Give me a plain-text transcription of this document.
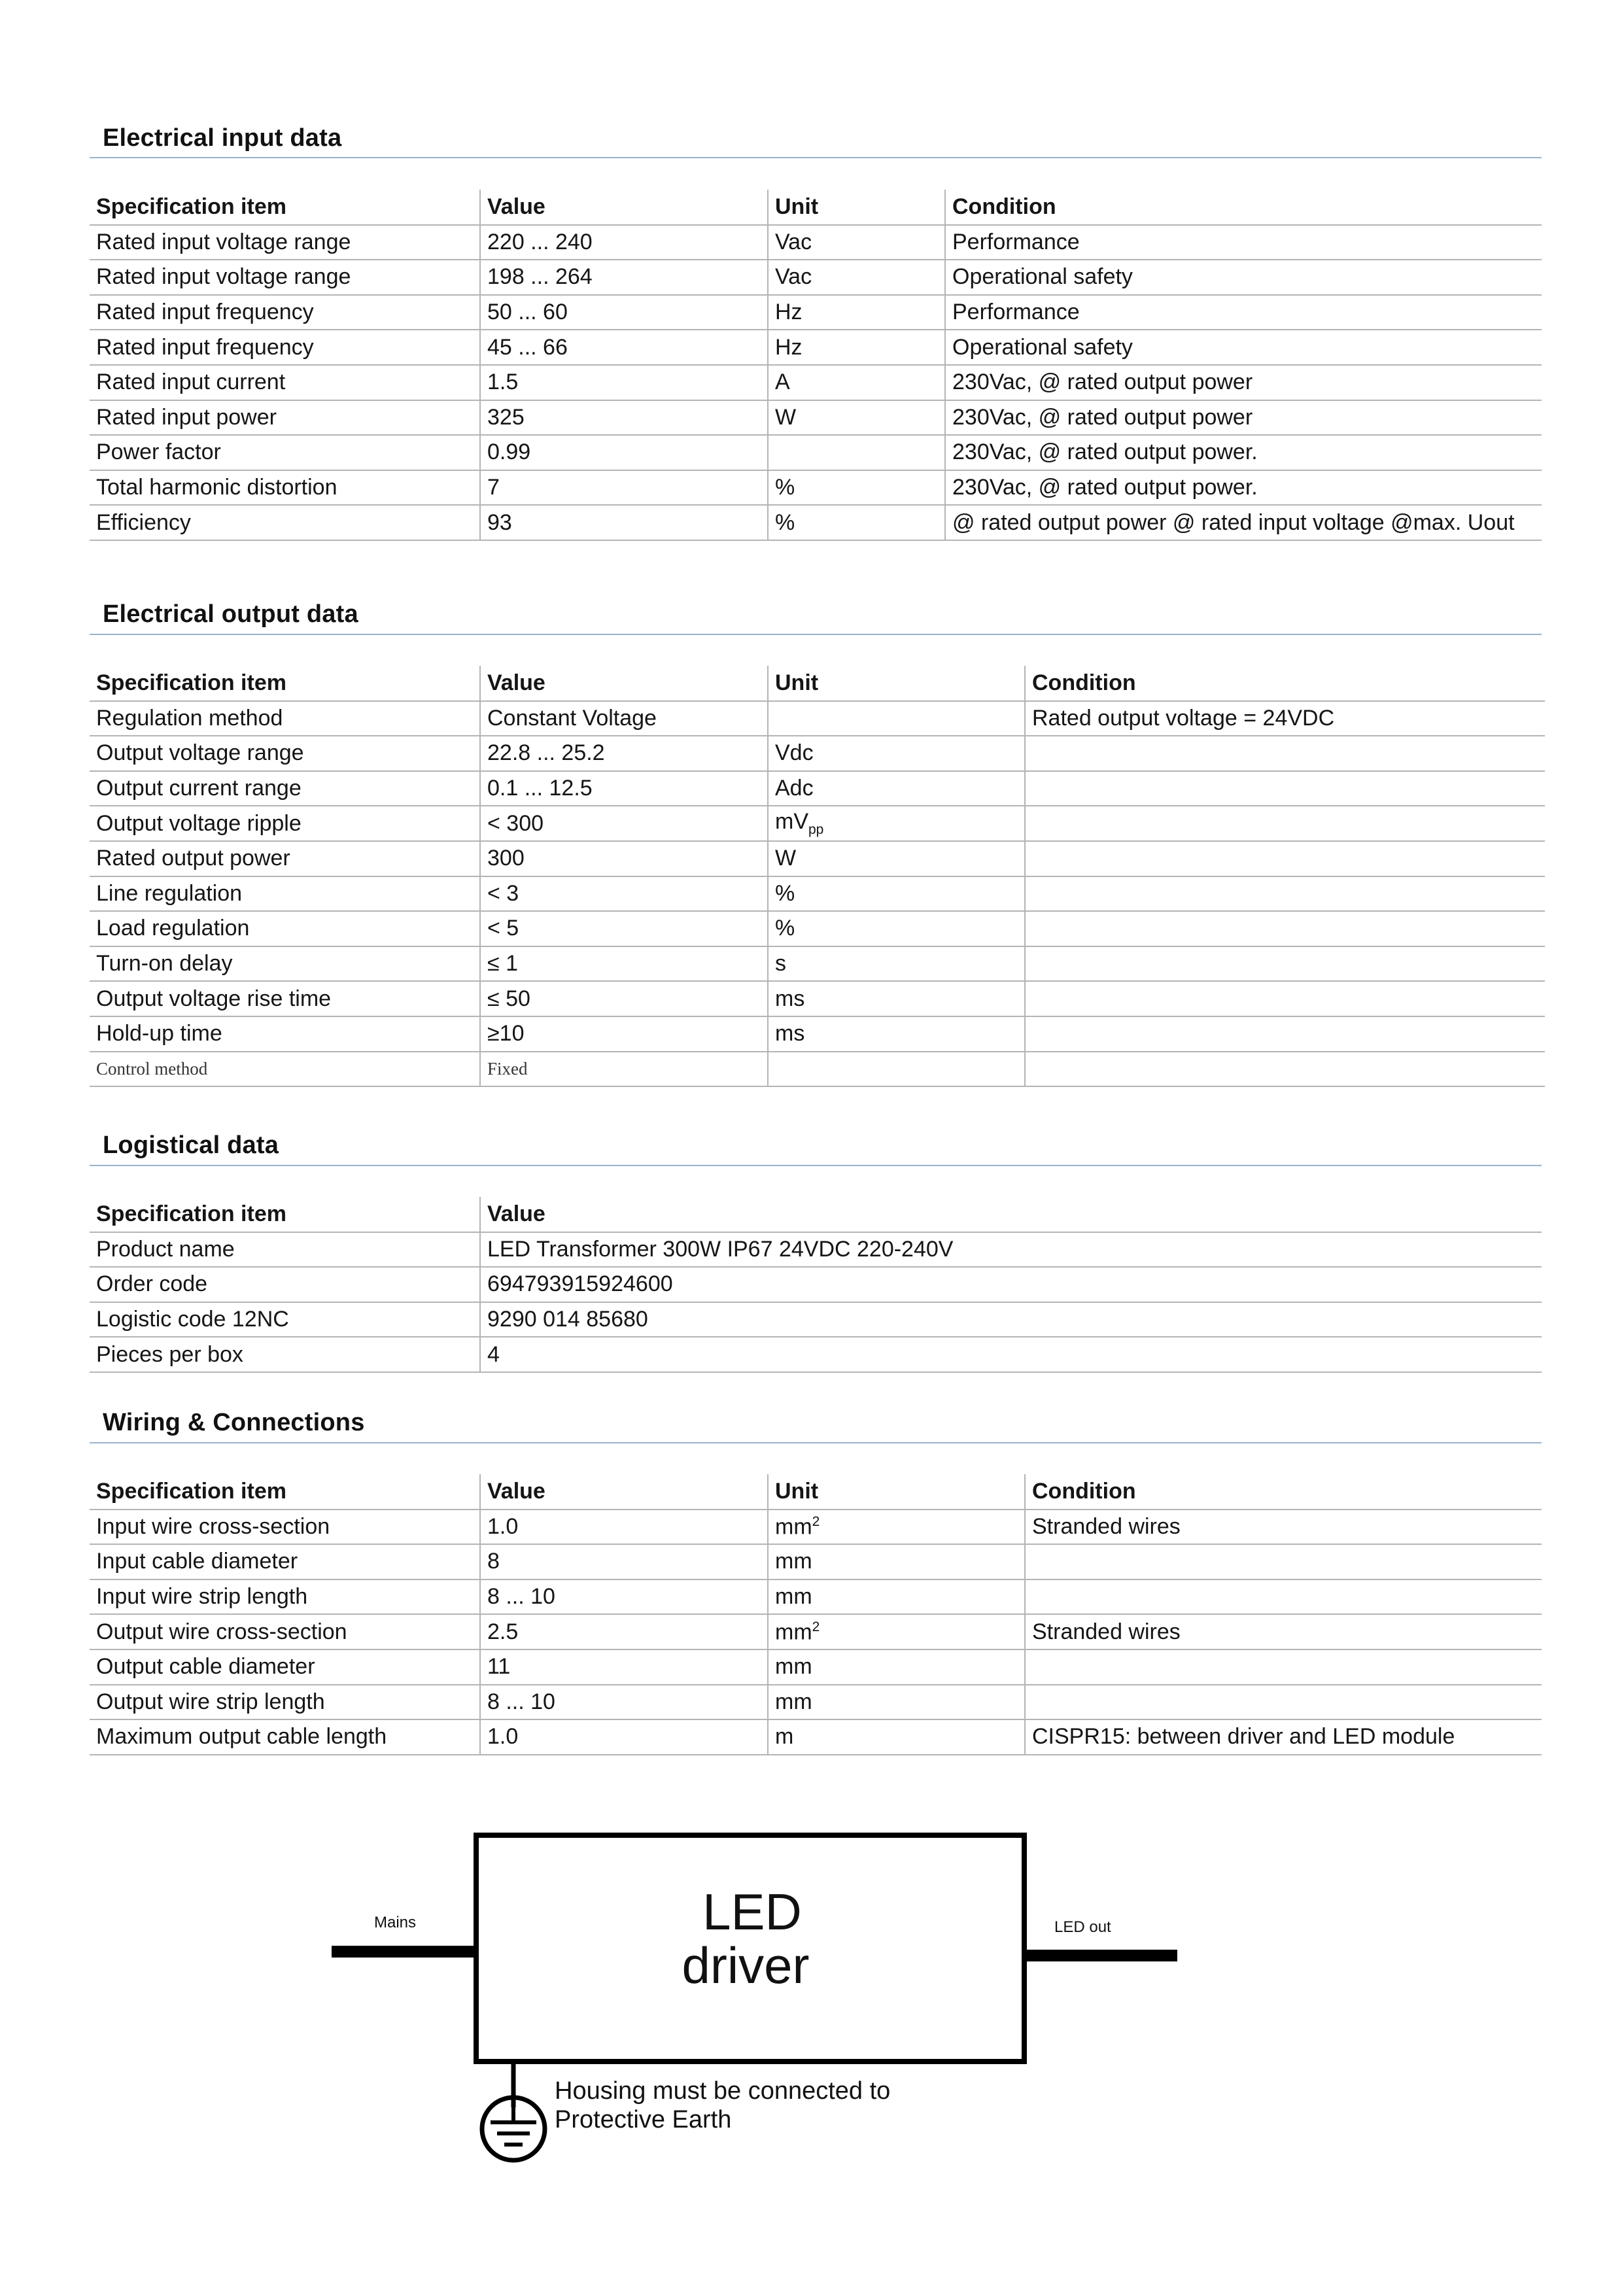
Electrical input data
Specification item	Value	Unit	Condition
Rated input voltage range	220 ... 240	Vac	Performance
Rated input voltage range	198 ... 264	Vac	Operational safety
Rated input frequency	50 ... 60	Hz	Performance
Rated input frequency	45 ... 66	Hz	Operational safety
Rated input current	1.5	A	230Vac, @ rated output power
Rated input power	325	W	230Vac, @ rated output power
Power factor	0.99		230Vac, @ rated output power.
Total harmonic distortion	7	%	230Vac, @ rated output power.
Efficiency	93	%	@ rated output power @ rated input voltage @max. Uout
Electrical output data
Specification item	Value	Unit	Condition
Regulation method	Constant Voltage		Rated output voltage = 24VDC
Output voltage range	22.8 ... 25.2	Vdc	
Output current range	0.1 ... 12.5	Adc	
Output voltage ripple	< 300	$mV_{pp}$	
Rated output power	300	W	
Line regulation	< 3	%	
Load regulation	< 5	%	
Turn-on delay	≤ 1	s	
Output voltage rise time	≤ 50	ms	
Hold-up time	≥10	ms	
Control method	Fixed		
Logistical data
Specification item	Value
Product name	LED Transformer 300W IP67 24VDC 220-240V
Order code	694793915924600
Logistic code 12NC	9290 014 85680
Pieces per box	4
Wiring & Connections
Specification item	Value	Unit	Condition
Input wire cross-section	1.0	$mm^2$	Stranded wires
Input cable diameter	8	mm	
Input wire strip length	8 ... 10	mm	
Output wire cross-section	2.5	$mm^2$	Stranded wires
Output cable diameter	11	mm	
Output wire strip length	8 ... 10	mm	
Maximum output cable length	1.0	m	CISPR15: between driver and LED module
LED
driver
Mains	LED out
Housing must be connected to
Protective Earth
